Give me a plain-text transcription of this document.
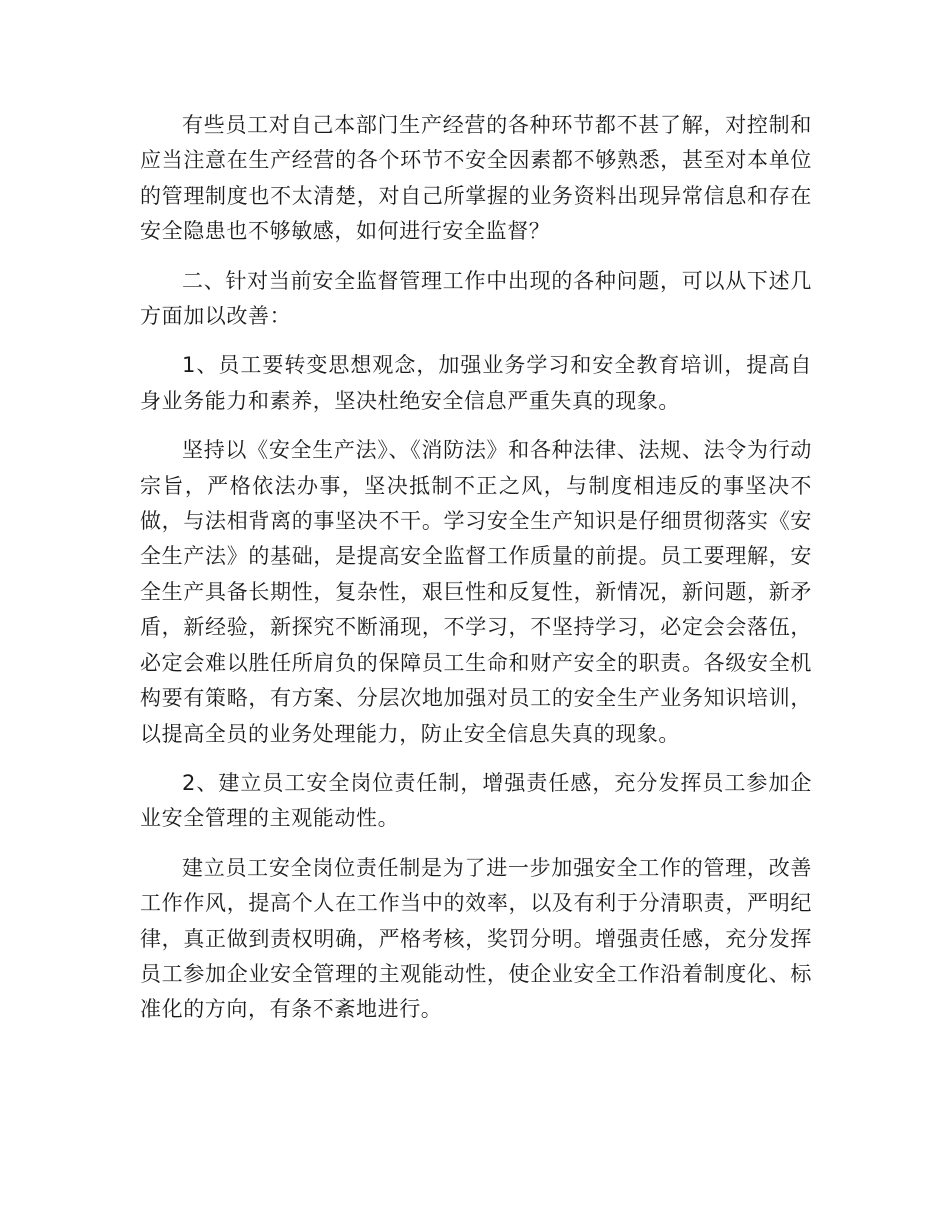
有些员工对自己本部门生产经营的各种环节都不甚了解，对控制和应当注意在生产经营的各个环节不安全因素都不够熟悉，甚至对本单位的管理制度也不太清楚，对自己所掌握的业务资料出现异常信息和存在安全隐患也不够敏感，如何进行安全监督？

二、针对当前安全监督管理工作中出现的各种问题，可以从下述几方面加以改善：

1、员工要转变思想观念，加强业务学习和安全教育培训，提高自身业务能力和素养，坚决杜绝安全信息严重失真的现象。

坚持以《安全生产法》、《消防法》和各种法律、法规、法令为行动宗旨，严格依法办事，坚决抵制不正之风，与制度相违反的事坚决不做，与法相背离的事坚决不干。学习安全生产知识是仔细贯彻落实《安全生产法》的基础，是提高安全监督工作质量的前提。员工要理解，安全生产具备长期性，复杂性，艰巨性和反复性，新情况，新问题，新矛盾，新经验，新探究不断涌现，不学习，不坚持学习，必定会会落伍，必定会难以胜任所肩负的保障员工生命和财产安全的职责。各级安全机构要有策略，有方案、分层次地加强对员工的安全生产业务知识培训，以提高全员的业务处理能力，防止安全信息失真的现象。

2、建立员工安全岗位责任制，增强责任感，充分发挥员工参加企业安全管理的主观能动性。

建立员工安全岗位责任制是为了进一步加强安全工作的管理，改善工作作风，提高个人在工作当中的效率，以及有利于分清职责，严明纪律，真正做到责权明确，严格考核，奖罚分明。增强责任感，充分发挥员工参加企业安全管理的主观能动性，使企业安全工作沿着制度化、标准化的方向，有条不紊地进行。
